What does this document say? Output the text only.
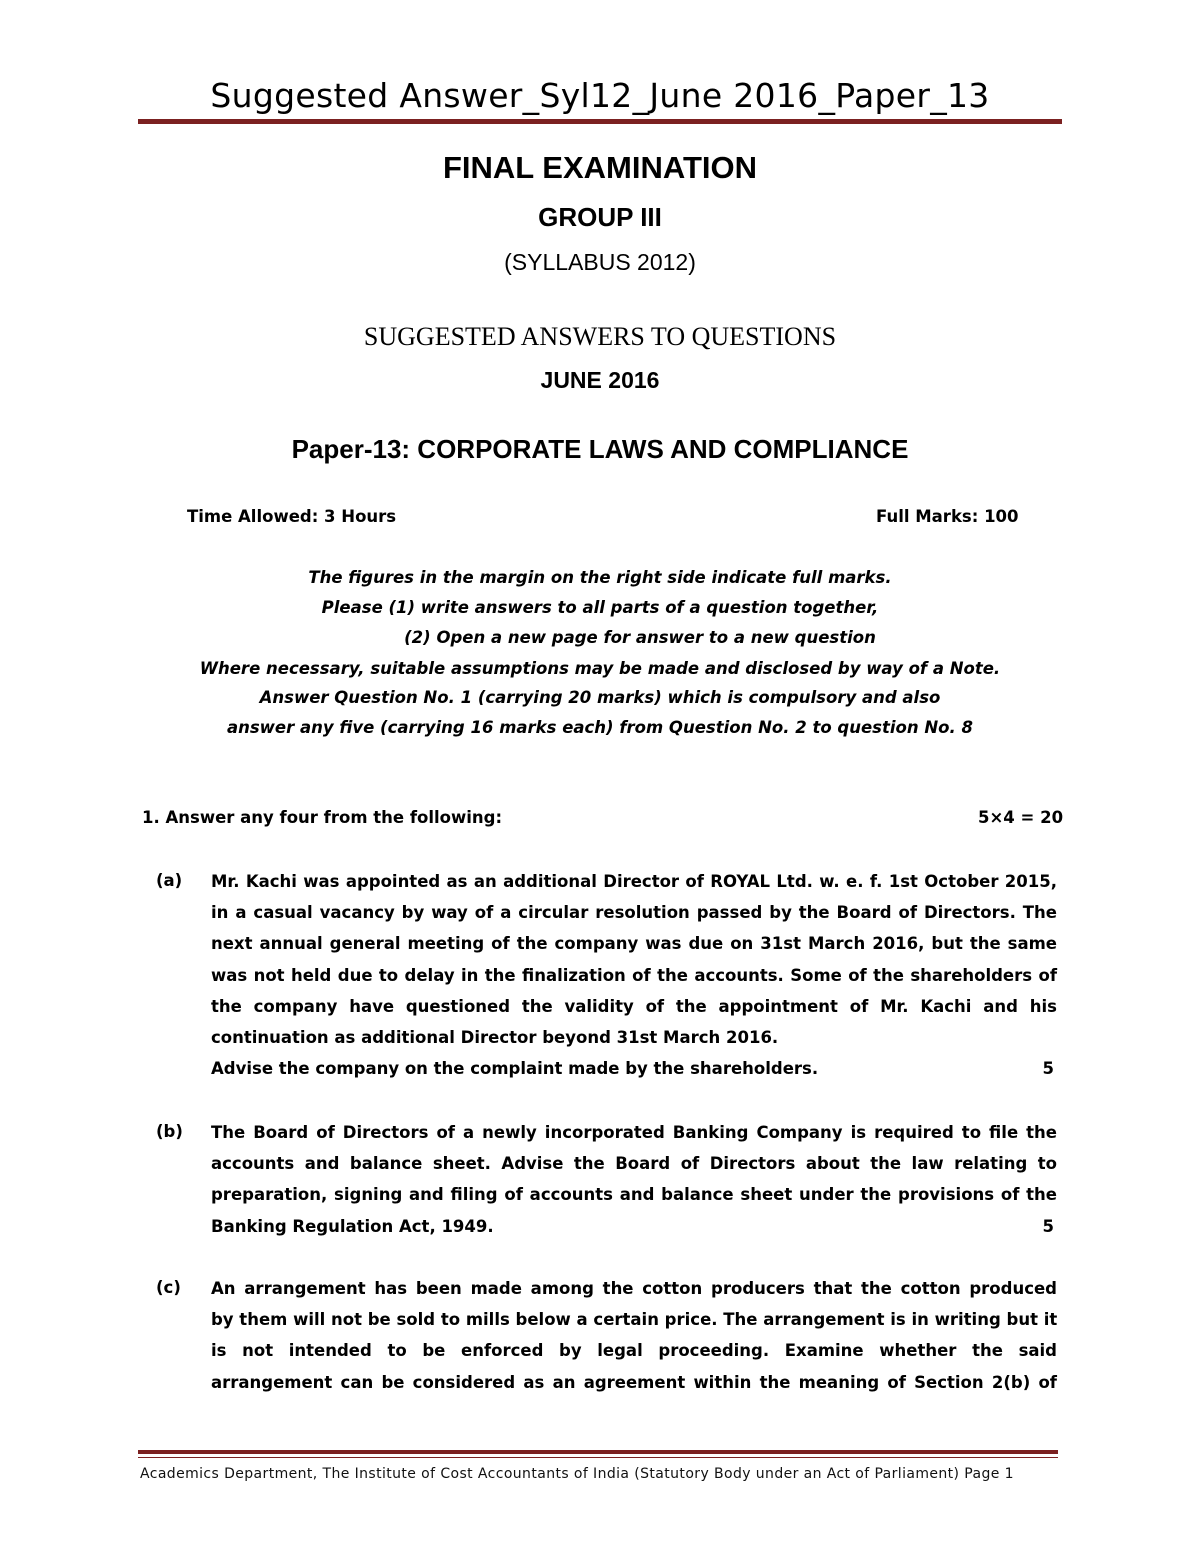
Suggested Answer_Syl12_June 2016_Paper_13
FINAL EXAMINATION
GROUP III
(SYLLABUS 2012)
SUGGESTED ANSWERS TO QUESTIONS
JUNE 2016
Paper-13: CORPORATE LAWS AND COMPLIANCE
Time Allowed: 3 Hours	Full Marks: 100
The figures in the margin on the right side indicate full marks.
Please (1) write answers to all parts of a question together,
(2) Open a new page for answer to a new question
Where necessary, suitable assumptions may be made and disclosed by way of a Note.
Answer Question No. 1 (carrying 20 marks) which is compulsory and also
answer any five (carrying 16 marks each) from Question No. 2 to question No. 8
1. Answer any four from the following:	5×4 = 20
(a) Mr. Kachi was appointed as an additional Director of ROYAL Ltd. w. e. f. 1st October 2015,
in a casual vacancy by way of a circular resolution passed by the Board of Directors. The
next annual general meeting of the company was due on 31st March 2016, but the same
was not held due to delay in the finalization of the accounts. Some of the shareholders of
the company have questioned the validity of the appointment of Mr. Kachi and his
continuation as additional Director beyond 31st March 2016.
Advise the company on the complaint made by the shareholders.	5
(b) The Board of Directors of a newly incorporated Banking Company is required to file the
accounts and balance sheet. Advise the Board of Directors about the law relating to
preparation, signing and filing of accounts and balance sheet under the provisions of the
Banking Regulation Act, 1949.	5
(c) An arrangement has been made among the cotton producers that the cotton produced
by them will not be sold to mills below a certain price. The arrangement is in writing but it
is not intended to be enforced by legal proceeding. Examine whether the said
arrangement can be considered as an agreement within the meaning of Section 2(b) of
Academics Department, The Institute of Cost Accountants of India (Statutory Body under an Act of Parliament) Page 1
